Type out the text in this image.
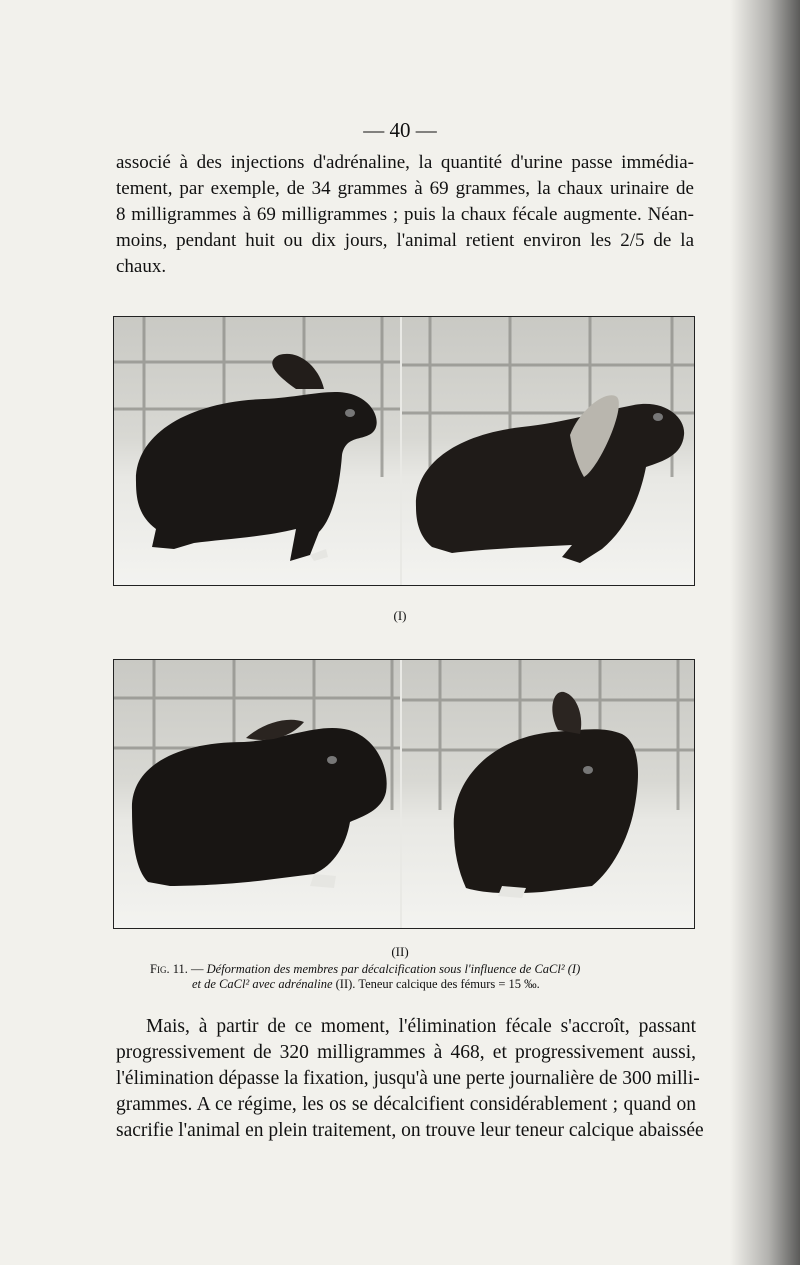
— 40 —
associé à des injections d'adrénaline, la quantité d'urine passe immédia-
tement, par exemple, de 34 grammes à 69 grammes, la chaux urinaire de
8 milligrammes à 69 milligrammes ; puis la chaux fécale augmente. Néan-
moins, pendant huit ou dix jours, l'animal retient environ les 2/5 de la
chaux.
(I)
(II)
Fig. 11. — Déformation des membres par décalcification sous l'influence de CaCl² (I)
et de CaCl² avec adrénaline (II). Teneur calcique des fémurs = 15 ‰.
Mais, à partir de ce moment, l'élimination fécale s'accroît, passant
progressivement de 320 milligrammes à 468, et progressivement aussi,
l'élimination dépasse la fixation, jusqu'à une perte journalière de 300 milli-
grammes. A ce régime, les os se décalcifient considérablement ; quand on
sacrifie l'animal en plein traitement, on trouve leur teneur calcique abaissée
